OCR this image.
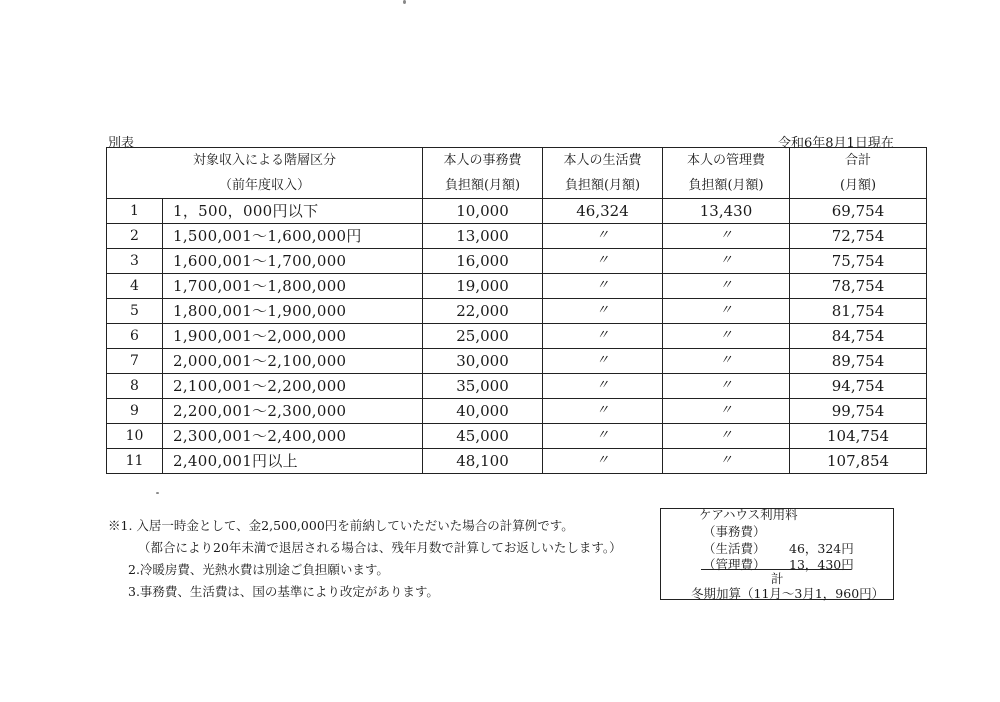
別表	令和6年8月1日現在
対象収入による階層区分		本人の事務費	本人の生活費	本人の管理費	合計
（前年度収入）		負担額(月額)	負担額(月額)	負担額(月額)	(月額)
1	1，500，000円以下	10,000	46,324	13,430	69,754
2	1,500,001～1,600,000円	13,000	〃	〃	72,754
3	1,600,001～1,700,000	16,000	〃	〃	75,754
4	1,700,001～1,800,000	19,000	〃	〃	78,754
5	1,800,001～1,900,000	22,000	〃	〃	81,754
6	1,900,001～2,000,000	25,000	〃	〃	84,754
7	2,000,001～2,100,000	30,000	〃	〃	89,754
8	2,100,001～2,200,000	35,000	〃	〃	94,754
9	2,200,001～2,300,000	40,000	〃	〃	99,754
10	2,300,001～2,400,000	45,000	〃	〃	104,754
11	2,400,001円以上	48,100	〃	〃	107,854
※1. 入居一時金として、金2,500,000円を前納していただいた場合の計算例です。
（都合により20年未満で退居される場合は、残年月数で計算してお返しいたします。）
2.冷暖房費、光熱水費は別途ご負担願います。
3.事務費、生活費は、国の基準により改定があります。
ケアハウス利用料
（事務費）
（生活費） 46，324円
（管理費） 13，430円
計
冬期加算（11月～3月1，960円）
